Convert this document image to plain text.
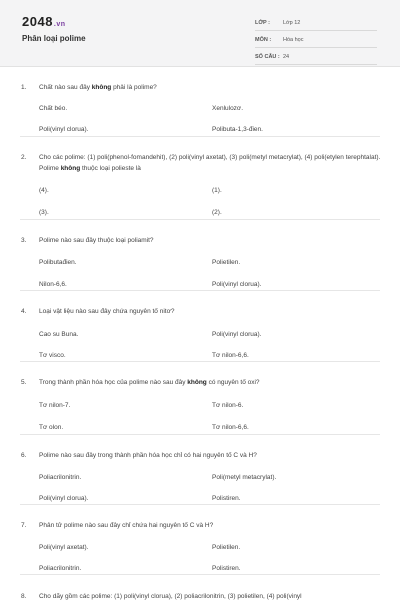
2048.vn
Phân loại polime
LỚP :	Lớp 12
MÔN :	Hóa học
SỐ CÂU : 24
1. Chất nào sau đây không phải là polime?
Chất béo.	Xenlulozơ.
Poli(vinyl clorua).	Polibuta-1,3-đien.
2. Cho các polime: (1) poli(phenol-fomandehit), (2) poli(vinyl axetat), (3) poli(metyl metacrylat), (4) poli(etylen terephtalat). Polime không thuộc loại polieste là
(4).	(1).
(3).	(2).
3. Polime nào sau đây thuộc loại poliamit?
Polibutađien.	Polietilen.
Nilon-6,6.	Poli(vinyl clorua).
4. Loại vật liệu nào sau đây chứa nguyên tố nitơ?
Cao su Buna.	Poli(vinyl clorua).
Tơ visco.	Tơ nilon-6,6.
5. Trong thành phần hóa học của polime nào sau đây không có nguyên tố oxi?
Tơ nilon-7.	Tơ nilon-6.
Tơ olon.	Tơ nilon-6,6.
6. Polime nào sau đây trong thành phần hóa học chỉ có hai nguyên tố C và H?
Poliacrilonitrin.	Poli(metyl metacrylat).
Poli(vinyl clorua).	Polistiren.
7. Phân tử polime nào sau đây chỉ chứa hai nguyên tố C và H?
Poli(vinyl axetat).	Polietilen.
Poliacrilonitrin.	Polistiren.
8. Cho dãy gồm các polime: (1) poli(vinyl clorua), (2) poliacrilonitrin, (3) polietilen, (4) poli(vinyl
